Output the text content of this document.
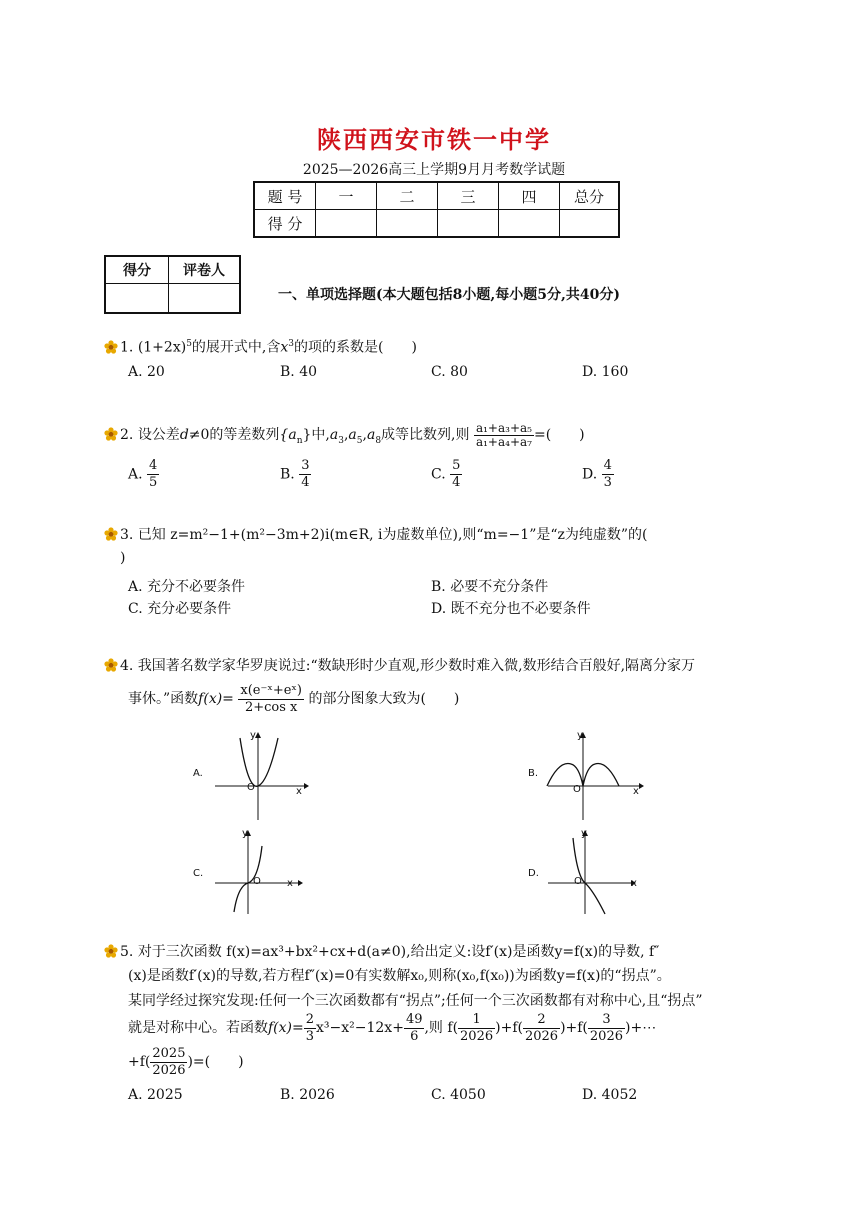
陕西西安市铁一中学
2025—2026高三上学期9月月考数学试题
题 号	一	二	三	四	总分
得 分					
得分	评卷人

一、单项选择题(本大题包括8小题,每小题5分,共40分)
1. $(1+2x)^5$的展开式中,含$x^3$的项的系数是(　　)
A. 20	B. 40	C. 80	D. 160
2. 设公差d≠0的等差数列$\{a_n\}$中$,a_3,a_5,a_8$成等比数列,则 $\frac{\text{a₁+a₃+a₅}}{\text{a₁+a₄+a₇}}$ =(　　)
A. $\frac{4}{5}$	B. $\frac{3}{4}$	C. $\frac{5}{4}$	D. $\frac{4}{3}$
3. 已知 z=m²−1+(m²−3m+2)i(m∈R, i为虚数单位),则“m=−1”是“z为纯虚数”的(
)
A. 充分不必要条件	B. 必要不充分条件
C. 充分必要条件	D. 既不充分也不必要条件
4. 我国著名数学家华罗庚说过:“数缺形时少直观,形少数时难入微,数形结合百般好,隔离分家万
事休。”函数$f(x)= \frac{\text{x(e⁻ˣ+eˣ)}}{\text{2+cos x}}$ 的部分图象大致为(　　)
A.
x
y
O
B.
x
y
O
C.
x
y
O
D.
x
y
O
5. 对于三次函数 f(x)=ax³+bx²+cx+d(a≠0),给出定义:设f′(x)是函数y=f(x)的导数, f″
(x)是函数f′(x)的导数,若方程f″(x)=0有实数解x₀,则称(x₀,f(x₀))为函数y=f(x)的“拐点”。
某同学经过探究发现:任何一个三次函数都有“拐点”;任何一个三次函数都有对称中心,且“拐点”
就是对称中心。若函数$f(x)= \frac{2}{3} x^3-x^2-12x+ \frac{49}{6}$ ,则 $f( \frac{1}{2026} )+f( \frac{2}{2026} )+f( \frac{3}{2026}$ )+⋯
$+f( \frac{2025}{2026}$ )=(　　)
A. 2025	B. 2026	C. 4050	D. 4052
